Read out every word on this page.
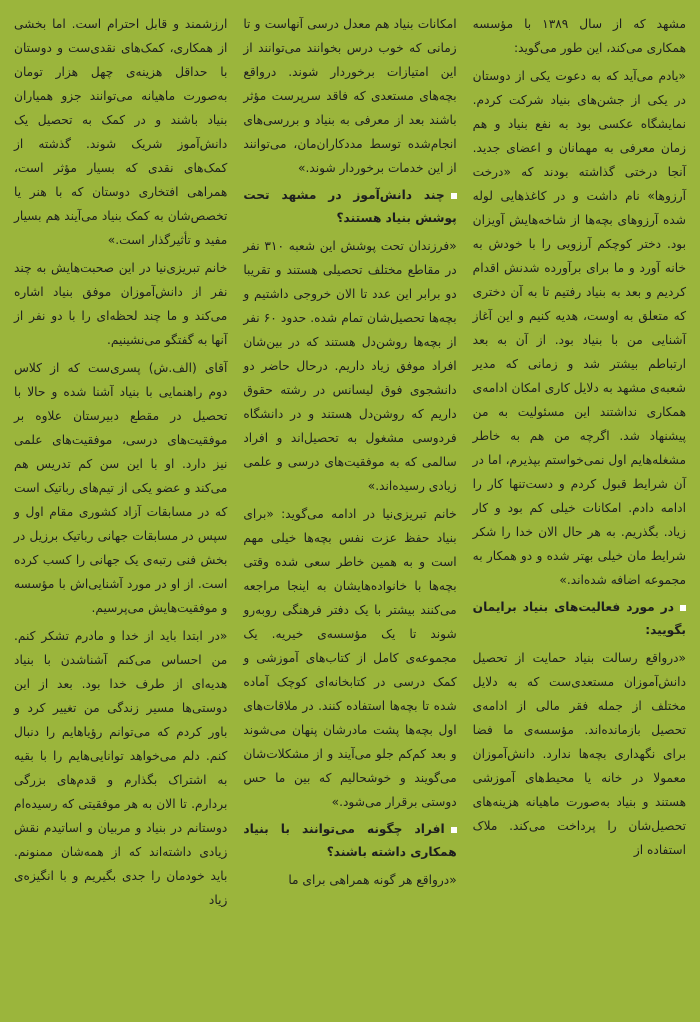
مشهد که از سال ۱۳۸۹ با مؤسسه همکاری می‌کند، این طور می‌گوید:

«یادم می‌آید که به دعوت یکی از دوستان در یکی از جشن‌های بنیاد شرکت کردم. نمایشگاه عکسی بود به نفع بنیاد و هم زمان معرفی به مهمانان و اعضای جدید. آنجا درختی گذاشته بودند که «درخت آرزوها» نام داشت و در کاغذهایی لوله شده آرزوهای بچه‌ها از شاخه‌هایش آویزان بود. دختر کوچکم آرزویی را با خودش به خانه آورد و ما برای برآورده شدنش اقدام کردیم و بعد به بنیاد رفتیم تا به آن دختری که متعلق به اوست، هدیه کنیم و این آغاز آشنایی من با بنیاد بود. از آن به بعد ارتباطم بیشتر شد و زمانی که مدیر شعبه‌ی مشهد به دلایل کاری امکان ادامه‌ی همکاری نداشتند این مسئولیت به من پیشنهاد شد. اگرچه من هم به خاطر مشغله‌هایم اول نمی‌خواستم بپذیرم، اما در آن شرایط قبول کردم و دست‌تنها کار را ادامه دادم. امکانات خیلی کم بود و کار زیاد. بگذریم. به هر حال الان خدا را شکر شرایط مان خیلی بهتر شده و دو همکار به مجموعه اضافه شده‌اند.»

در مورد فعالیت‌های بنیاد برایمان بگویید:

«درواقع رسالت بنیاد حمایت از تحصیل دانش‌آموزان مستعدی‌ست که به دلایل مختلف از جمله فقر مالی از ادامه‌ی تحصیل بازمانده‌اند. مؤسسه‌ی ما فضا برای نگهداری بچه‌ها ندارد. دانش‌آموزان معمولا در خانه یا محیط‌های آموزشی هستند و بنیاد به‌صورت ماهیانه هزینه‌های تحصیل‌شان را پرداخت می‌کند. ملاک استفاده از

امکانات بنیاد هم معدل درسی آنهاست و تا زمانی که خوب درس بخوانند می‌توانند از این امتیازات برخوردار شوند. درواقع بچه‌های مستعدی که فاقد سرپرست مؤثر باشند بعد از معرفی به بنیاد و بررسی‌های انجام‌شده توسط مددکاران‌مان، می‌توانند از این خدمات برخوردار شوند.»

چند دانش‌آموز در مشهد تحت پوشش بنیاد هستند؟

«فرزندان تحت پوشش این شعبه ۳۱۰ نفر در مقاطع مختلف تحصیلی هستند و تقریبا دو برابر این عدد تا الان خروجی داشتیم و بچه‌ها تحصیل‌شان تمام شده. حدود ۶۰ نفر از بچه‌ها روشن‌دل هستند که در بین‌شان افراد موفق زیاد داریم. درحال حاضر دو دانشجوی فوق لیسانس در رشته حقوق داریم که روشن‌دل هستند و در دانشگاه فردوسی مشغول به تحصیل‌اند و افراد سالمی که به موفقیت‌های درسی و علمی زیادی رسیده‌اند.»

خانم تبریزی‌نیا در ادامه می‌گوید: «برای بنیاد حفظ عزت نفس بچه‌ها خیلی مهم است و به همین خاطر سعی شده وقتی بچه‌ها با خانواده‌هایشان به اینجا مراجعه می‌کنند بیشتر با یک دفتر فرهنگی روبه‌رو شوند تا یک مؤسسه‌ی خیریه. یک مجموعه‌ی کامل از کتاب‌های آموزشی و کمک درسی در کتابخانه‌ای کوچک آماده شده تا بچه‌ها استفاده کنند. در ملاقات‌های اول بچه‌ها پشت مادرشان پنهان می‌شوند و بعد کم‌کم جلو می‌آیند و از مشکلات‌شان می‌گویند و خوشحالیم که بین ما حس دوستی برقرار می‌شود.»

افراد چگونه می‌توانند با بنیاد همکاری داشته باشند؟

«درواقع هر گونه همراهی برای ما

ارزشمند و قابل احترام است. اما بخشی از همکاری، کمک‌های نقدی‌ست و دوستان با حداقل هزینه‌ی چهل هزار تومان به‌صورت ماهیانه می‌توانند جزو همیاران بنیاد باشند و در کمک به تحصیل یک دانش‌آموز شریک شوند. گذشته از کمک‌های نقدی که بسیار مؤثر است، همراهی افتخاری دوستان که با هنر یا تخصص‌شان به کمک بنیاد می‌آیند هم بسیار مفید و تأثیرگذار است.»

خانم تبریزی‌نیا در این صحبت‌هایش به چند نفر از دانش‌آموزان موفق بنیاد اشاره می‌کند و ما چند لحظه‌ای را با دو نفر از آنها به گفتگو می‌نشینیم.

آقای (الف.ش) پسری‌ست که از کلاس دوم راهنمایی با بنیاد آشنا شده و حالا با تحصیل در مقطع دبیرستان علاوه بر موفقیت‌های درسی، موفقیت‌های علمی نیز دارد. او با این سن کم تدریس هم می‌کند و عضو یکی از تیم‌های رباتیک است که در مسابقات آزاد کشوری مقام اول و سپس در مسابقات جهانی رباتیک برزیل در بخش فنی رتبه‌ی یک جهانی را کسب کرده است. از او در مورد آشنایی‌اش با مؤسسه و موفقیت‌هایش می‌پرسیم.

«در ابتدا باید از خدا و مادرم تشکر کنم. من احساس می‌کنم آشناشدن با بنیاد هدیه‌ای از طرف خدا بود. بعد از این دوستی‌ها مسیر زندگی من تغییر کرد و باور کردم که می‌توانم رؤیاهایم را دنبال کنم. دلم می‌خواهد توانایی‌هایم را با بقیه به اشتراک بگذارم و قدم‌های بزرگی بردارم. تا الان به هر موفقیتی که رسیده‌ام دوستانم در بنیاد و مربیان و اساتیدم نقش زیادی داشته‌اند که از همه‌شان ممنونم. باید خودمان را جدی بگیریم و با انگیزه‌ی زیاد
